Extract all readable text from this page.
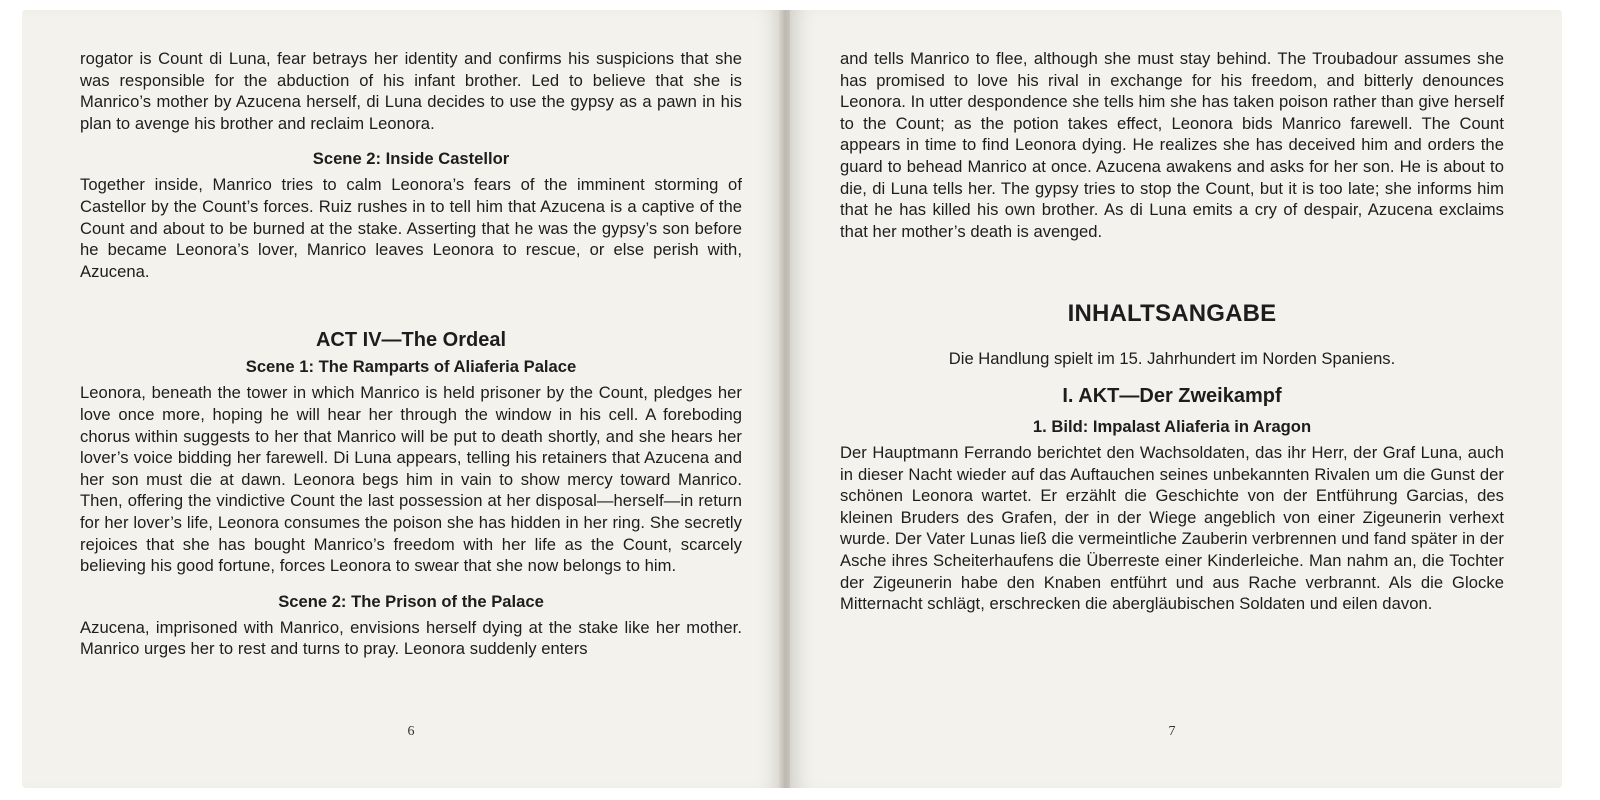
rogator is Count di Luna, fear betrays her identity and confirms his suspicions that she was responsible for the abduction of his infant brother. Led to believe that she is Manrico’s mother by Azucena herself, di Luna decides to use the gypsy as a pawn in his plan to avenge his brother and reclaim Leonora.

Scene 2: Inside Castellor

Together inside, Manrico tries to calm Leonora’s fears of the imminent storming of Castellor by the Count’s forces. Ruiz rushes in to tell him that Azucena is a captive of the Count and about to be burned at the stake. Asserting that he was the gypsy’s son before he became Leonora’s lover, Manrico leaves Leonora to rescue, or else perish with, Azucena.

ACT IV—The Ordeal
Scene 1: The Ramparts of Aliaferia Palace

Leonora, beneath the tower in which Manrico is held prisoner by the Count, pledges her love once more, hoping he will hear her through the window in his cell. A foreboding chorus within suggests to her that Manrico will be put to death shortly, and she hears her lover’s voice bidding her farewell. Di Luna appears, telling his retainers that Azucena and her son must die at dawn. Leonora begs him in vain to show mercy toward Manrico. Then, offering the vindictive Count the last possession at her disposal—herself—in return for her lover’s life, Leonora consumes the poison she has hidden in her ring. She secretly rejoices that she has bought Manrico’s freedom with her life as the Count, scarcely believing his good fortune, forces Leonora to swear that she now belongs to him.

Scene 2: The Prison of the Palace

Azucena, imprisoned with Manrico, envisions herself dying at the stake like her mother. Manrico urges her to rest and turns to pray. Leonora suddenly enters

6

and tells Manrico to flee, although she must stay behind. The Troubadour assumes she has promised to love his rival in exchange for his freedom, and bitterly denounces Leonora. In utter despondence she tells him she has taken poison rather than give herself to the Count; as the potion takes effect, Leonora bids Manrico farewell. The Count appears in time to find Leonora dying. He realizes she has deceived him and orders the guard to behead Manrico at once. Azucena awakens and asks for her son. He is about to die, di Luna tells her. The gypsy tries to stop the Count, but it is too late; she informs him that he has killed his own brother. As di Luna emits a cry of despair, Azucena exclaims that her mother’s death is avenged.

INHALTSANGABE

Die Handlung spielt im 15. Jahrhundert im Norden Spaniens.

I. AKT—Der Zweikampf
1. Bild: Impalast Aliaferia in Aragon

Der Hauptmann Ferrando berichtet den Wachsoldaten, das ihr Herr, der Graf Luna, auch in dieser Nacht wieder auf das Auftauchen seines unbekannten Rivalen um die Gunst der schönen Leonora wartet. Er erzählt die Geschichte von der Entführung Garcias, des kleinen Bruders des Grafen, der in der Wiege angeblich von einer Zigeunerin verhext wurde. Der Vater Lunas ließ die vermeintliche Zauberin verbrennen und fand später in der Asche ihres Scheiterhaufens die Überreste einer Kinderleiche. Man nahm an, die Tochter der Zigeunerin habe den Knaben entführt und aus Rache verbrannt. Als die Glocke Mitternacht schlägt, erschrecken die abergläubischen Soldaten und eilen davon.

7
